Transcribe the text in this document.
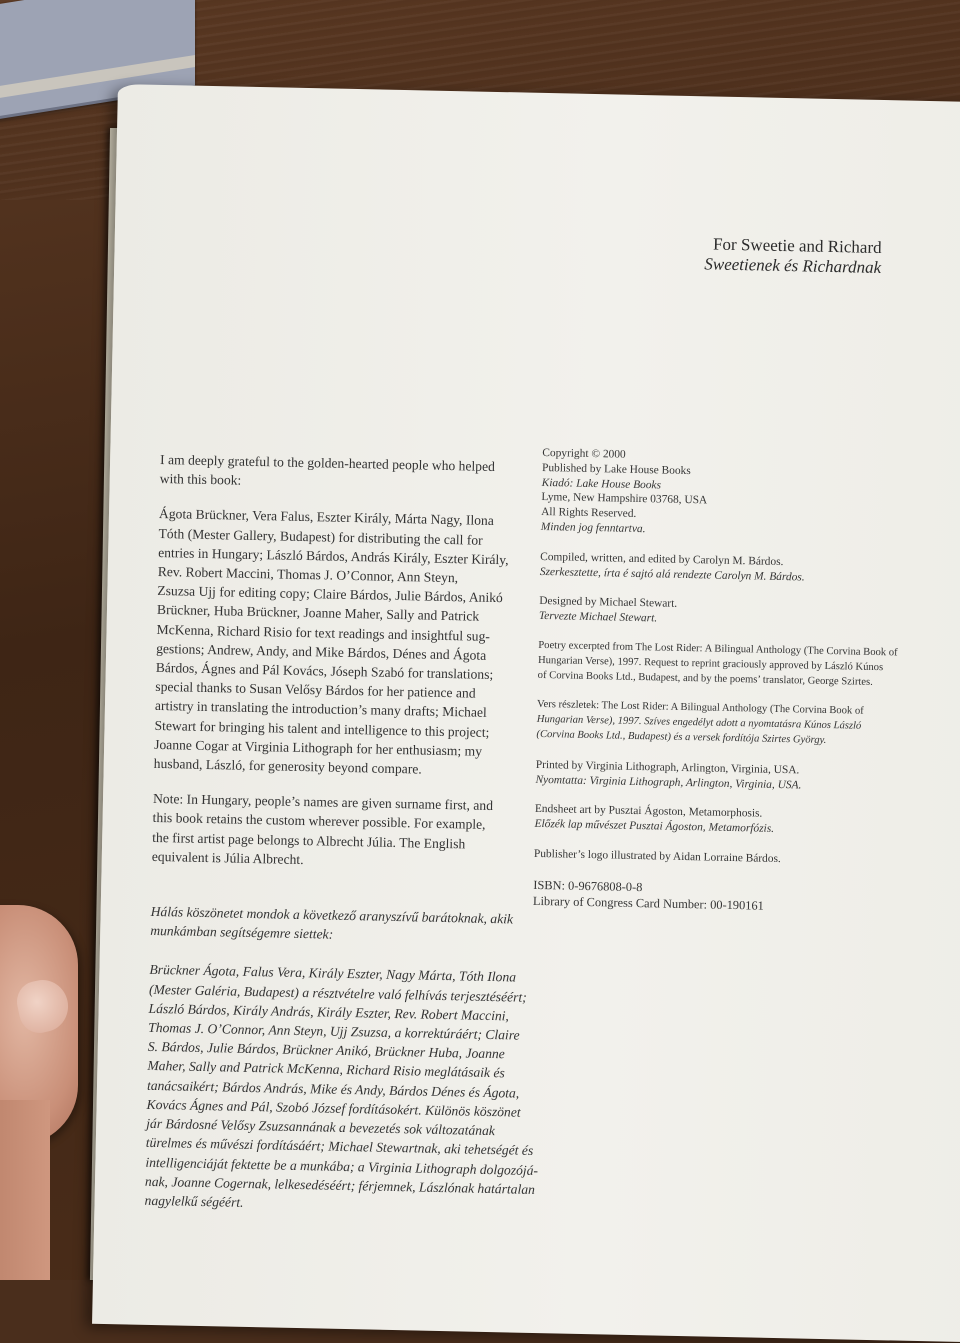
For Sweetie and Richard
Sweetienek és Richardnak
I am deeply grateful to the golden-hearted people who helped
with this book:
Ágota Brückner, Vera Falus, Eszter Király, Márta Nagy, Ilona
Tóth (Mester Gallery, Budapest) for distributing the call for
entries in Hungary; László Bárdos, András Király, Eszter Király,
Rev. Robert Maccini, Thomas J. O’Connor, Ann Steyn,
Zsuzsa Ujj for editing copy; Claire Bárdos, Julie Bárdos, Anikó
Brückner, Huba Brückner, Joanne Maher, Sally and Patrick
McKenna, Richard Risio for text readings and insightful sug-
gestions; Andrew, Andy, and Mike Bárdos, Dénes and Ágota
Bárdos, Ágnes and Pál Kovács, Jóseph Szabó for translations;
special thanks to Susan Velősy Bárdos for her patience and
artistry in translating the introduction’s many drafts; Michael
Stewart for bringing his talent and intelligence to this project;
Joanne Cogar at Virginia Lithograph for her enthusiasm; my
husband, László, for generosity beyond compare.
Note: In Hungary, people’s names are given surname first, and
this book retains the custom wherever possible. For example,
the first artist page belongs to Albrecht Júlia. The English
equivalent is Júlia Albrecht.
Hálás köszönetet mondok a következő aranyszívű barátoknak, akik
munkámban segítségemre siettek:
Brückner Ágota, Falus Vera, Király Eszter, Nagy Márta, Tóth Ilona
(Mester Galéria, Budapest) a résztvételre való felhívás terjesztéséért;
László Bárdos, Király András, Király Eszter, Rev. Robert Maccini,
Thomas J. O’Connor, Ann Steyn, Ujj Zsuzsa, a korrektúráért; Claire
S. Bárdos, Julie Bárdos, Brückner Anikó, Brückner Huba, Joanne
Maher, Sally and Patrick McKenna, Richard Risio meglátásaik és
tanácsaikért; Bárdos András, Mike és Andy, Bárdos Dénes és Ágota,
Kovács Ágnes and Pál, Szobó József fordításokért. Különös köszönet
jár Bárdosné Velősy Zsuzsannának a bevezetés sok változatának
türelmes és művészi fordításáért; Michael Stewartnak, aki tehetségét és
intelligenciáját fektette be a munkába; a Virginia Lithograph dolgozójá-
nak, Joanne Cogernak, lelkesedéséért; férjemnek, Lászlónak határtalan
nagylelkű ségéért.
Copyright © 2000
Published by Lake House Books
Kiadó: Lake House Books
Lyme, New Hampshire 03768, USA
All Rights Reserved.
Minden jog fenntartva.
Compiled, written, and edited by Carolyn M. Bárdos.
Szerkesztette, írta é sajtó alá rendezte Carolyn M. Bárdos.
Designed by Michael Stewart.
Tervezte Michael Stewart.
Poetry excerpted from The Lost Rider: A Bilingual Anthology (The Corvina Book of
Hungarian Verse), 1997. Request to reprint graciously approved by László Kúnos
of Corvina Books Ltd., Budapest, and by the poems’ translator, George Szirtes.
Vers részletek: The Lost Rider: A Bilingual Anthology (The Corvina Book of
Hungarian Verse), 1997. Szíves engedélyt adott a nyomtatásra Kúnos László
(Corvina Books Ltd., Budapest) és a versek fordítója Szirtes György.
Printed by Virginia Lithograph, Arlington, Virginia, USA.
Nyomtatta: Virginia Lithograph, Arlington, Virginia, USA.
Endsheet art by Pusztai Ágoston, Metamorphosis.
Előzék lap művészet Pusztai Ágoston, Metamorfózis.
Publisher’s logo illustrated by Aidan Lorraine Bárdos.
ISBN: 0-9676808-0-8
Library of Congress Card Number: 00-190161
